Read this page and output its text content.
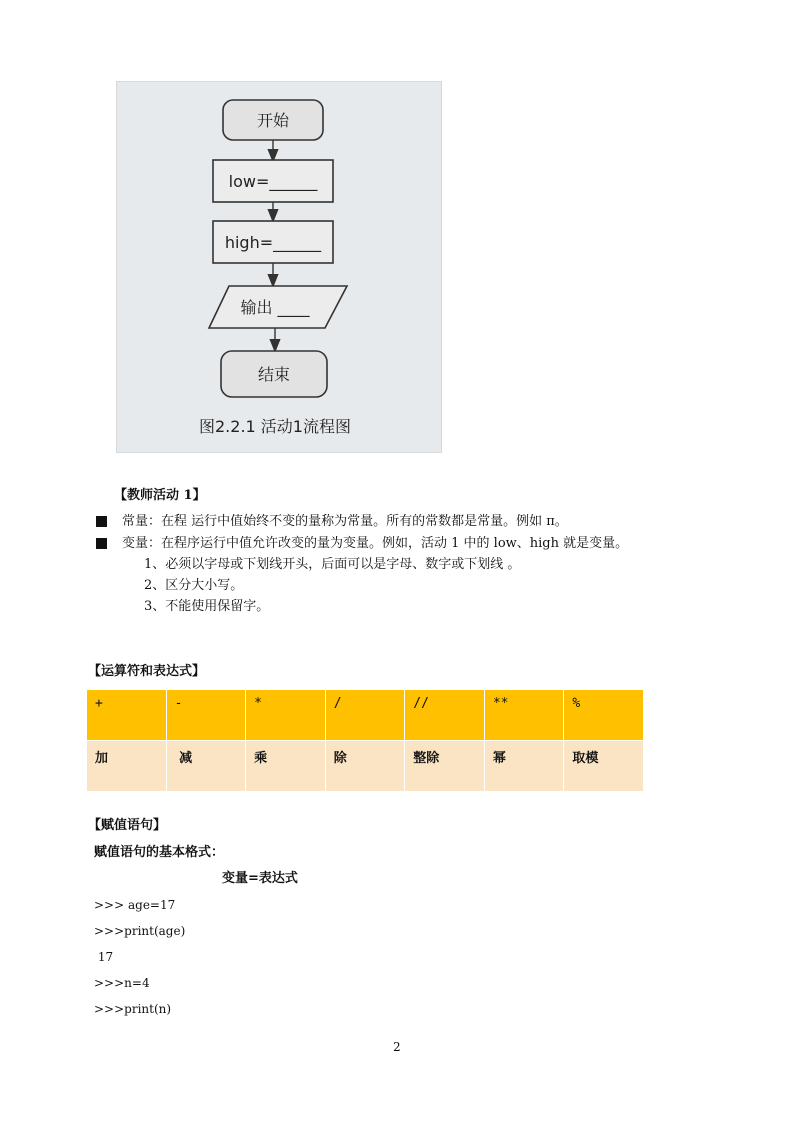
开始
low=______
high=______
输出 ____
结束
图2.2.1 活动1流程图
【教师活动 1】
常量：在程 运行中值始终不变的量称为常量。所有的常数都是常量。例如 π。
变量：在程序运行中值允许改变的量为变量。例如，活动 1 中的 low、high 就是变量。
1、必须以字母或下划线开头，后面可以是字母、数字或下划线 。
2、区分大小写。
3、不能使用保留字。
【运算符和表达式】
+	-	*	/	//	**	%
加	减	乘	除	整除	幂	取模
【赋值语句】
赋值语句的基本格式：
变量=表达式
>>> age=17
>>>print(age)
17
>>>n=4
>>>print(n)
2
